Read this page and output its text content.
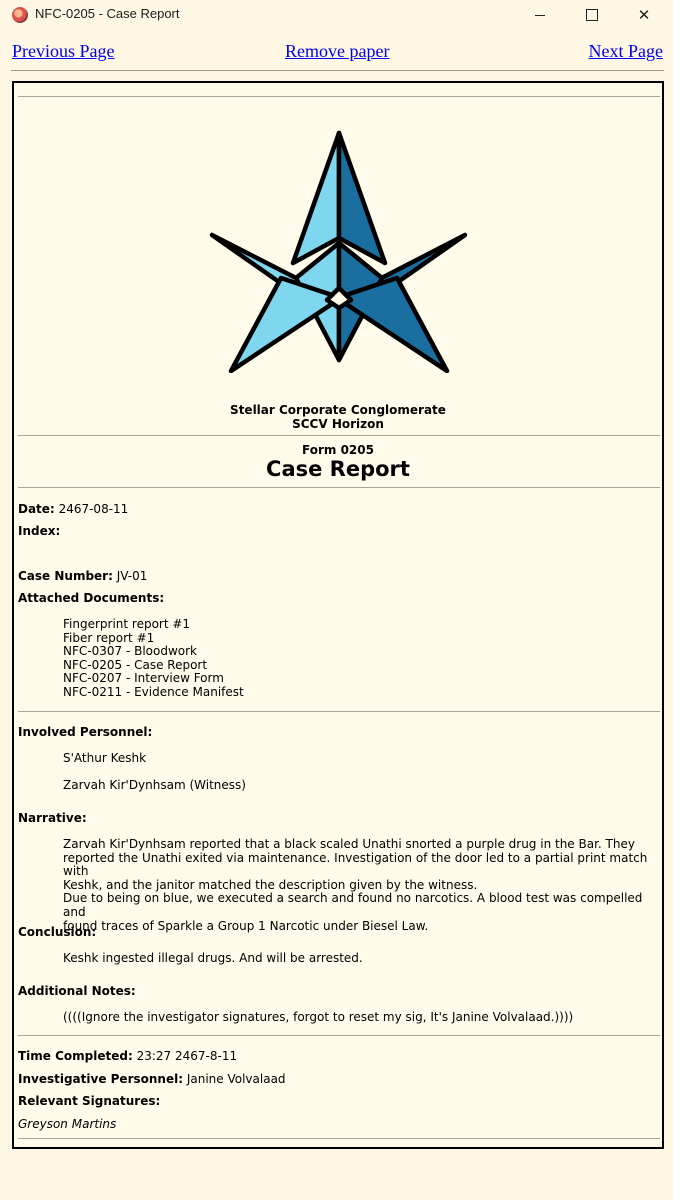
NFC-0205 - Case Report	✕
Previous Page	Remove paper	Next Page
Stellar Corporate Conglomerate
SCCV Horizon
Form 0205
Case Report
Date: 2467-08-11
Index:
Case Number: JV-01
Attached Documents:
Fingerprint report #1
Fiber report #1
NFC-0307 - Bloodwork
NFC-0205 - Case Report
NFC-0207 - Interview Form
NFC-0211 - Evidence Manifest
Involved Personnel:
S'Athur Keshk
Zarvah Kir'Dynhsam (Witness)
Narrative:
Zarvah Kir'Dynhsam reported that a black scaled Unathi snorted a purple drug in the Bar. They
reported the Unathi exited via maintenance. Investigation of the door led to a partial print match with
Keshk, and the janitor matched the description given by the witness.
Due to being on blue, we executed a search and found no narcotics. A blood test was compelled and
found traces of Sparkle a Group 1 Narcotic under Biesel Law.
Conclusion:
Keshk ingested illegal drugs. And will be arrested.
Additional Notes:
((((Ignore the investigator signatures, forgot to reset my sig, It's Janine Volvalaad.))))
Time Completed: 23:27 2467-8-11
Investigative Personnel: Janine Volvalaad
Relevant Signatures:
Greyson Martins
